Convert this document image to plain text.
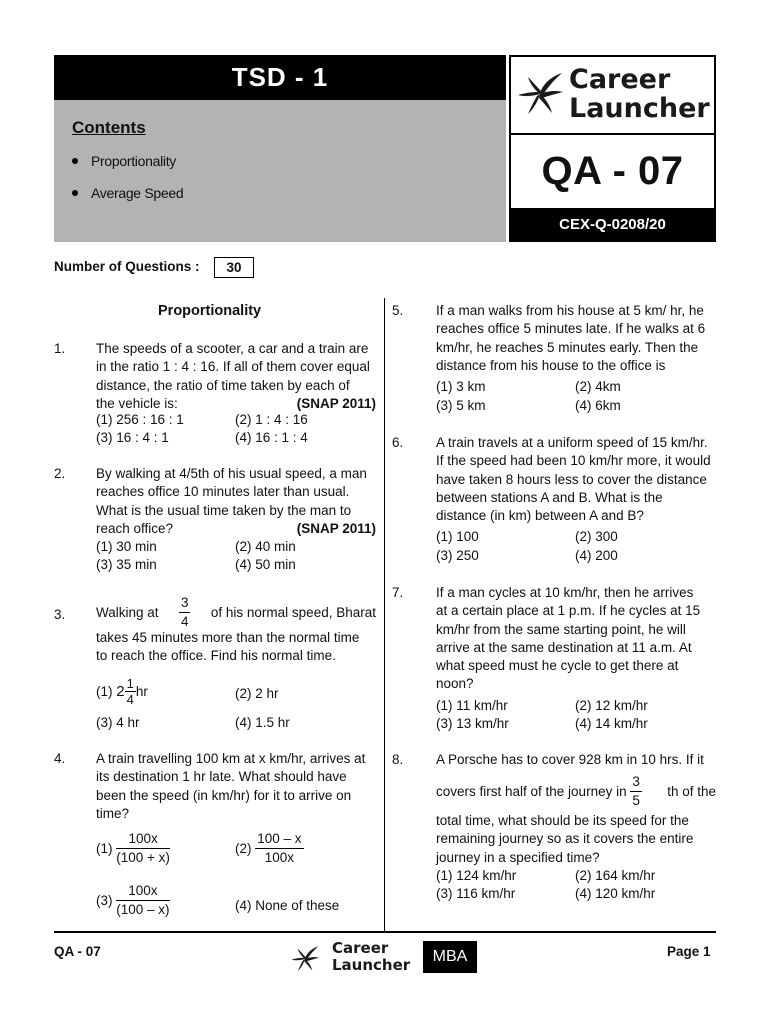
TSD - 1
Contents
Proportionality
Average Speed
Career
Launcher
QA - 07
CEX-Q-0208/20
Number of Questions :	30
Proportionality
1. The speeds of a scooter, a car and a train are
in the ratio 1 : 4 : 16. If all of them cover equal
distance, the ratio of time taken by each of
the vehicle is:	(SNAP 2011)
(1) 256 : 16 : 1	(2) 1 : 4 : 16
(3) 16 : 4 : 1	(4) 16 : 1 : 4
2. By walking at 4/5th of his usual speed, a man
reaches office 10 minutes later than usual.
What is the usual time taken by the man to
reach office?	(SNAP 2011)
(1) 30 min	(2) 40 min
(3) 35 min	(4) 50 min
3. Walking at $\frac{3}{4}$ of his normal speed, Bharat
takes 45 minutes more than the normal time
to reach the office. Find his normal time.
(1)
$2 \frac{1}{4}$ hr	(2) 2 hr
(3) 4 hr	(4) 1.5 hr
4. A train travelling 100 km at x km/hr, arrives at
its destination 1 hr late. What should have
been the speed (in km/hr) for it to arrive on
time?
(1)
$\frac{100x}{(100 + x)}$	(2)
$\frac{100 - x}{100x}$
(3)
$\frac{100x}{(100 - x)}$	(4) None of these
5. If a man walks from his house at 5 km/ hr, he
reaches office 5 minutes late. If he walks at 6
km/hr, he reaches 5 minutes early. Then the
distance from his house to the office is
(1) 3 km	(2) 4km
(3) 5 km	(4) 6km
6. A train travels at a uniform speed of 15 km/hr.
If the speed had been 10 km/hr more, it would
have taken 8 hours less to cover the distance
between stations A and B. What is the
distance (in km) between A and B?
(1) 100	(2) 300
(3) 250	(4) 200
7. If a man cycles at 10 km/hr, then he arrives
at a certain place at 1 p.m. If he cycles at 15
km/hr from the same starting point, he will
arrive at the same destination at 11 a.m. At
what speed must he cycle to get there at
noon?
(1) 11 km/hr	(2) 12 km/hr
(3) 13 km/hr	(4) 14 km/hr
8. A Porsche has to cover 928 km in 10 hrs. If it
covers first half of the journey in
$\frac{3}{5}$ th of the
total time, what should be its speed for the
remaining journey so as it covers the entire
journey in a specified time?
(1) 124 km/hr	(2) 164 km/hr
(3) 116 km/hr	(4) 120 km/hr
QA - 07	Career
Launcher	MBA	Page 1
